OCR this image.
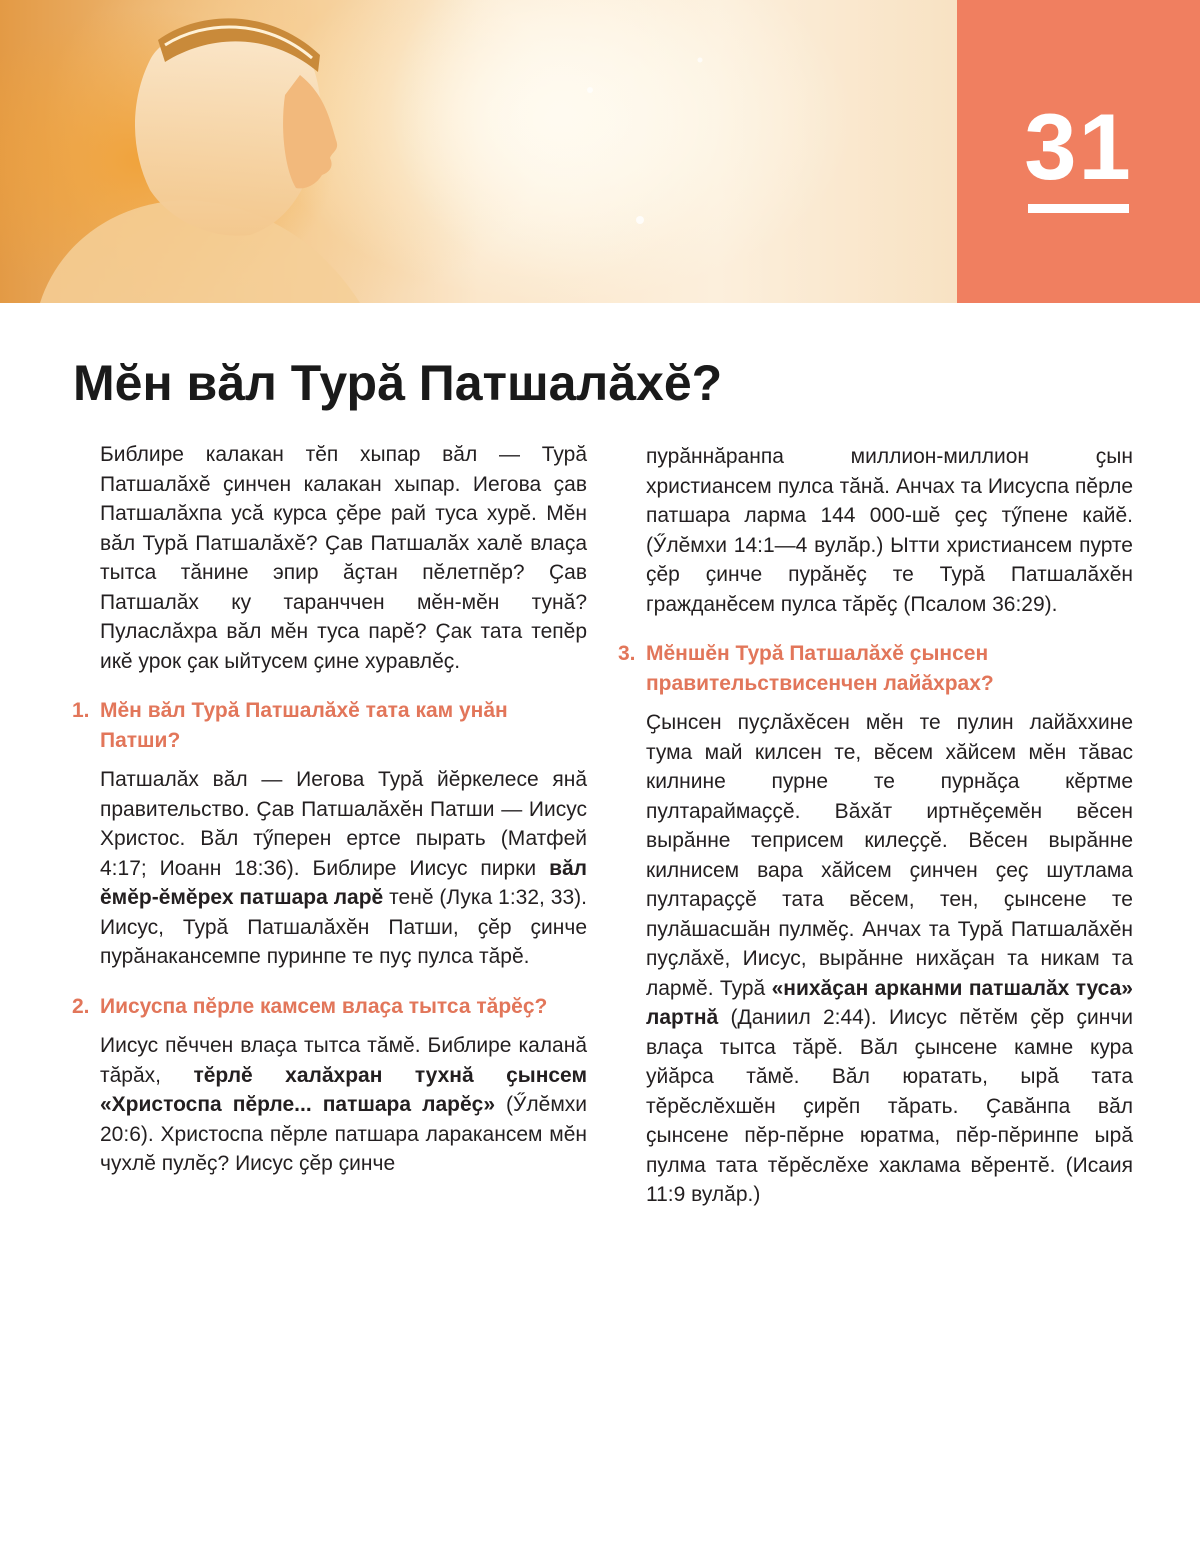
31
Мӗн вӑл Турӑ Патшалӑхӗ?

Библире калакан тӗп хыпар вӑл — Турӑ Патшалӑхӗ ҫинчен калакан хыпар. Иегова ҫав Патшалӑхпа усӑ курса ҫӗре рай туса хурӗ. Мӗн вӑл Турӑ Патшалӑхӗ? Ҫав Патшалӑх халӗ влаҫа тытса тӑнине эпир ӑҫтан пӗлетпӗр? Ҫав Патшалӑх ку таранччен мӗн-мӗн тунӑ? Пуласлӑхра вӑл мӗн туса парӗ? Ҫак тата тепӗр икӗ урок ҫак ыйтусем ҫине хуравлӗҫ.

1. Мӗн вӑл Турӑ Патшалӑхӗ тата кам унӑн Патши?

Патшалӑх вӑл — Иегова Турӑ йӗркелесе янӑ правительство. Ҫав Патшалӑхӗн Патши — Иисус Христос. Вӑл тӳперен ертсе пырать (Матфей 4:17; Иоанн 18:36). Библире Иисус пирки вӑл ӗмӗр-ӗмӗрех патшара ларӗ тенӗ (Лука 1:32, 33). Иисус, Турӑ Патшалӑхӗн Патши, ҫӗр ҫинче пурӑнакансемпе пуринпе те пуҫ пулса тӑрӗ.

2. Иисуспа пӗрле камсем влаҫа тытса тӑрӗҫ?

Иисус пӗччен влаҫа тытса тӑмӗ. Библире каланӑ тӑрӑх, тӗрлӗ халӑхран тухнӑ ҫынсем «Христоспа пӗрле... патшара ларӗҫ» (Ӳлӗмхи 20:6). Христоспа пӗрле патшара ларакансем мӗн чухлӗ пулӗҫ? Иисус ҫӗр ҫинче

пурӑннӑранпа миллион-миллион ҫын христиансем пулса тӑнӑ. Анчах та Иисуспа пӗрле патшара ларма 144 000-шӗ ҫеҫ тӳпене кайӗ. (Ӳлӗмхи 14:1—4 вулӑр.) Ытти христиансем пурте ҫӗр ҫинче пурӑнӗҫ те Турӑ Патшалӑхӗн гражданӗсем пулса тӑрӗҫ (Псалом 36:29).

3. Мӗншӗн Турӑ Патшалӑхӗ ҫынсен правительствисенчен лайӑхрах?

Ҫынсен пуҫлӑхӗсен мӗн те пулин лайӑххине тума май килсен те, вӗсем хӑйсем мӗн тӑвас килнине пурне те пурнӑҫа кӗртме пултараймаҫҫӗ. Вӑхӑт иртнӗҫемӗн вӗсен вырӑнне теприсем килеҫҫӗ. Вӗсен вырӑнне килнисем вара хӑйсем ҫинчен ҫеҫ шутлама пултараҫҫӗ тата вӗсем, тен, ҫынсене те пулӑшасшӑн пулмӗҫ. Анчах та Турӑ Патшалӑхӗн пуҫлӑхӗ, Иисус, вырӑнне нихӑҫан та никам та лармӗ. Турӑ «нихӑҫан арканми патшалӑх туса» лартнӑ (Даниил 2:44). Иисус пӗтӗм ҫӗр ҫинчи влаҫа тытса тӑрӗ. Вӑл ҫынсене камне кура уйӑрса тӑмӗ. Вӑл юратать, ырӑ тата тӗрӗслӗхшӗн ҫирӗп тӑрать. Ҫавӑнпа вӑл ҫынсене пӗр-пӗрне юратма, пӗр-пӗринпе ырӑ пулма тата тӗрӗслӗхе хаклама вӗрентӗ. (Исаия 11:9 вулӑр.)
